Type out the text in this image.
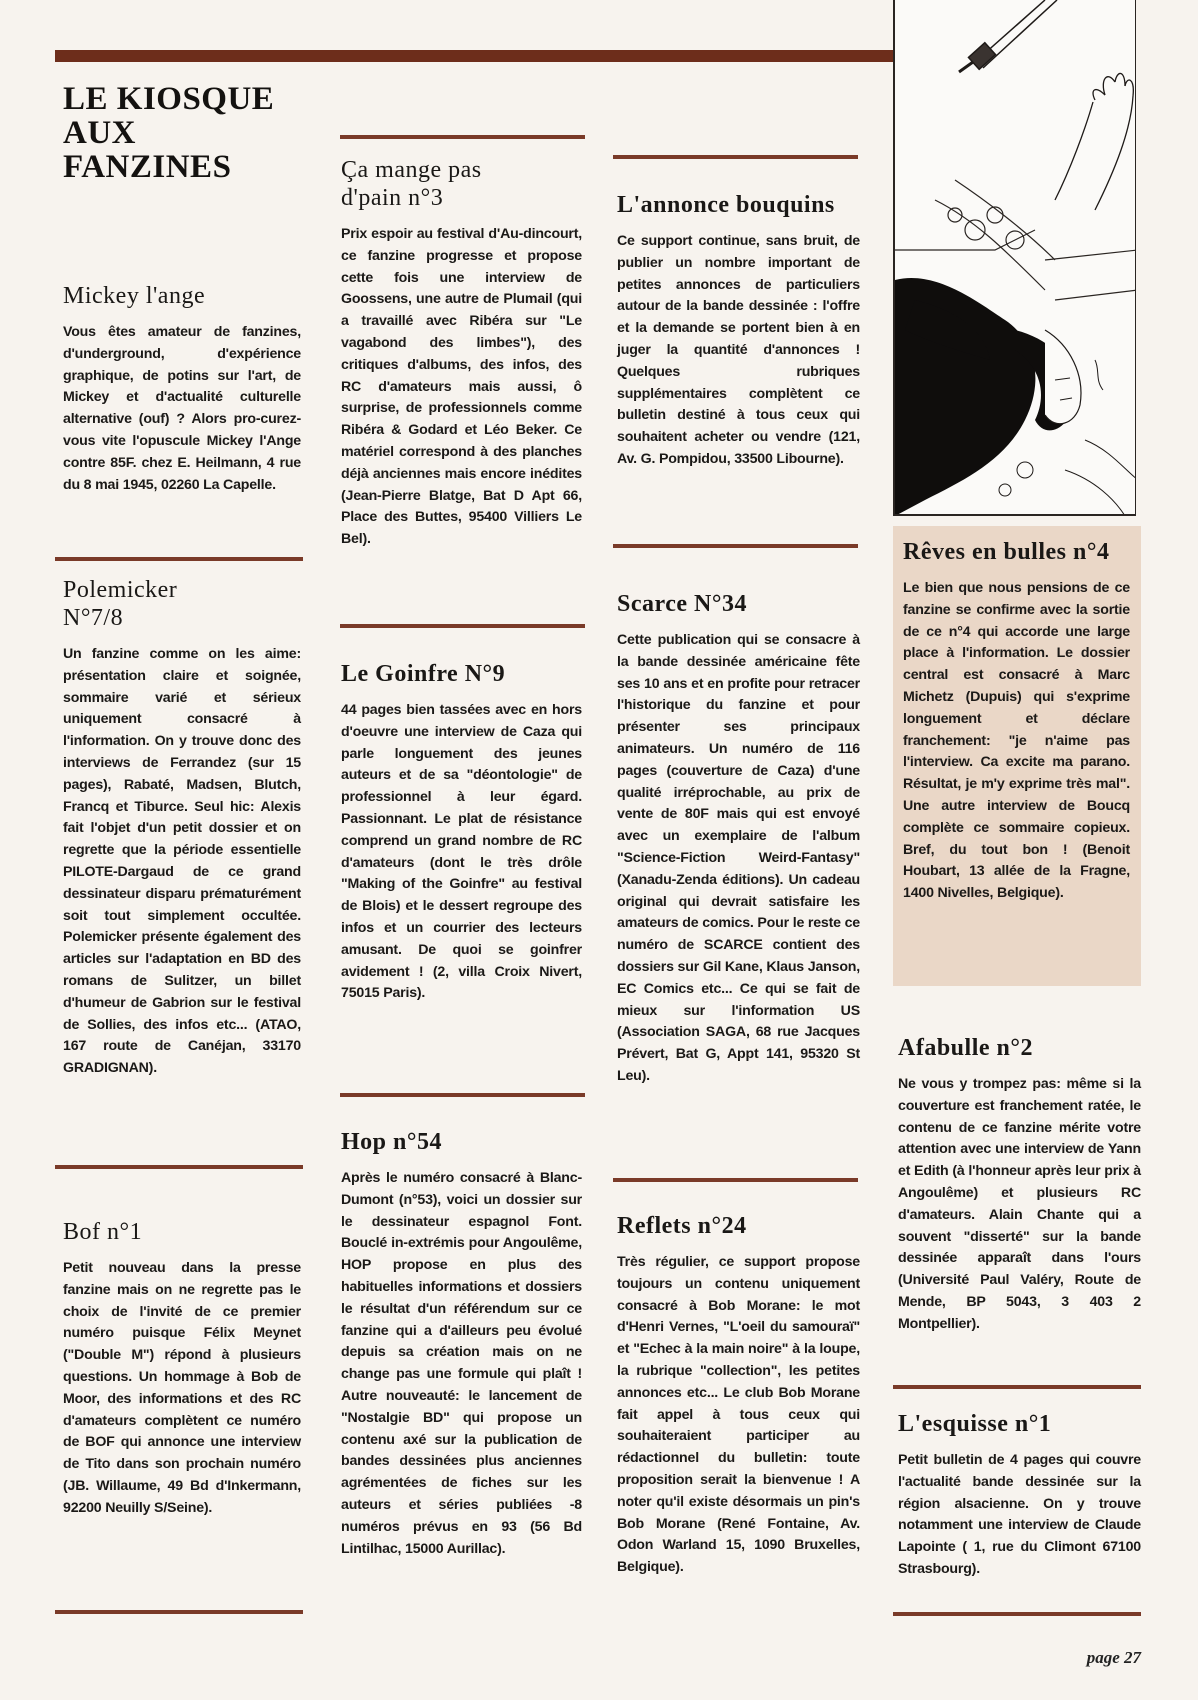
LE KIOSQUE AUX FANZINES
Mickey l'ange

Vous êtes amateur de fanzines, d'underground, d'expérience graphique, de potins sur l'art, de Mickey et d'actualité culturelle alternative (ouf) ? Alors pro-curez- vous vite l'opuscule Mickey l'Ange contre 85F. chez E. Heilmann, 4 rue du 8 mai 1945, 02260 La Capelle.

Polemicker N°7/8

Un fanzine comme on les aime: présentation claire et soignée, sommaire varié et sérieux uniquement consacré à l'information. On y trouve donc des interviews de Ferrandez (sur 15 pages), Rabaté, Madsen, Blutch, Francq et Tiburce. Seul hic: Alexis fait l'objet d'un petit dossier et on regrette que la période essentielle PILOTE-Dargaud de ce grand dessinateur disparu prématurément soit tout simplement occultée. Polemicker présente également des articles sur l'adaptation en BD des romans de Sulitzer, un billet d'humeur de Gabrion sur le festival de Sollies, des infos etc... (ATAO, 167 route de Canéjan, 33170 GRADIGNAN).

Bof n°1

Petit nouveau dans la presse fanzine mais on ne regrette pas le choix de l'invité de ce premier numéro puisque Félix Meynet ("Double M") répond à plusieurs questions. Un hommage à Bob de Moor, des informations et des RC d'amateurs complètent ce numéro de BOF qui annonce une interview de Tito dans son prochain numéro (JB. Willaume, 49 Bd d'Inkermann, 92200 Neuilly S/Seine).

Ça mange pas d'pain n°3

Prix espoir au festival d'Au-dincourt, ce fanzine progresse et propose cette fois une interview de Goossens, une autre de Plumail (qui a travaillé avec Ribéra sur "Le vagabond des limbes"), des critiques d'albums, des infos, des RC d'amateurs mais aussi, ô surprise, de professionnels comme Ribéra & Godard et Léo Beker. Ce matériel correspond à des planches déjà anciennes mais encore inédites (Jean-Pierre Blatge, Bat D Apt 66, Place des Buttes, 95400 Villiers Le Bel).

Le Goinfre N°9

44 pages bien tassées avec en hors d'oeuvre une interview de Caza qui parle longuement des jeunes auteurs et de sa "déontologie" de professionnel à leur égard. Passionnant. Le plat de résistance comprend un grand nombre de RC d'amateurs (dont le très drôle "Making of the Goinfre" au festival de Blois) et le dessert regroupe des infos et un courrier des lecteurs amusant. De quoi se goinfrer avidement ! (2, villa Croix Nivert, 75015 Paris).

Hop n°54

Après le numéro consacré à Blanc-Dumont (n°53), voici un dossier sur le dessinateur espagnol Font. Bouclé in-extrémis pour Angoulême, HOP propose en plus des habituelles informations et dossiers le résultat d'un référendum sur ce fanzine qui a d'ailleurs peu évolué depuis sa création mais on ne change pas une formule qui plaît ! Autre nouveauté: le lancement de "Nostalgie BD" qui propose un contenu axé sur la publication de bandes dessinées plus anciennes agrémentées de fiches sur les auteurs et séries publiées -8 numéros prévus en 93 (56 Bd Lintilhac, 15000 Aurillac).

L'annonce bouquins

Ce support continue, sans bruit, de publier un nombre important de petites annonces de particuliers autour de la bande dessinée : l'offre et la demande se portent bien à en juger la quantité d'annonces ! Quelques rubriques supplémentaires complètent ce bulletin destiné à tous ceux qui souhaitent acheter ou vendre (121, Av. G. Pompidou, 33500 Libourne).

Scarce N°34

Cette publication qui se consacre à la bande dessinée américaine fête ses 10 ans et en profite pour retracer l'historique du fanzine et pour présenter ses principaux animateurs. Un numéro de 116 pages (couverture de Caza) d'une qualité irréprochable, au prix de vente de 80F mais qui est envoyé avec un exemplaire de l'album "Science-Fiction Weird-Fantasy" (Xanadu-Zenda éditions). Un cadeau original qui devrait satisfaire les amateurs de comics. Pour le reste ce numéro de SCARCE contient des dossiers sur Gil Kane, Klaus Janson, EC Comics etc... Ce qui se fait de mieux sur l'information US (Association SAGA, 68 rue Jacques Prévert, Bat G, Appt 141, 95320 St Leu).

Reflets n°24

Très régulier, ce support propose toujours un contenu uniquement consacré à Bob Morane: le mot d'Henri Vernes, "L'oeil du samouraï" et "Echec à la main noire" à la loupe, la rubrique "collection", les petites annonces etc... Le club Bob Morane fait appel à tous ceux qui souhaiteraient participer au rédactionnel du bulletin: toute proposition serait la bienvenue ! A noter qu'il existe désormais un pin's Bob Morane (René Fontaine, Av. Odon Warland 15, 1090 Bruxelles, Belgique).

Rêves en bulles n°4

Le bien que nous pensions de ce fanzine se confirme avec la sortie de ce n°4 qui accorde une large place à l'information. Le dossier central est consacré à Marc Michetz (Dupuis) qui s'exprime longuement et déclare franchement: "je n'aime pas l'interview. Ca excite ma parano. Résultat, je m'y exprime très mal". Une autre interview de Boucq complète ce sommaire copieux. Bref, du tout bon ! (Benoit Houbart, 13 allée de la Fragne, 1400 Nivelles, Belgique).

Afabulle n°2

Ne vous y trompez pas: même si la couverture est franchement ratée, le contenu de ce fanzine mérite votre attention avec une interview de Yann et Edith (à l'honneur après leur prix à Angoulême) et plusieurs RC d'amateurs. Alain Chante qui a souvent "disserté" sur la bande dessinée apparaît dans l'ours (Université Paul Valéry, Route de Mende, BP 5043, 3 403 2 Montpellier).

L'esquisse n°1

Petit bulletin de 4 pages qui couvre l'actualité bande dessinée sur la région alsacienne. On y trouve notamment une interview de Claude Lapointe ( 1, rue du Climont 67100 Strasbourg).

page 27
